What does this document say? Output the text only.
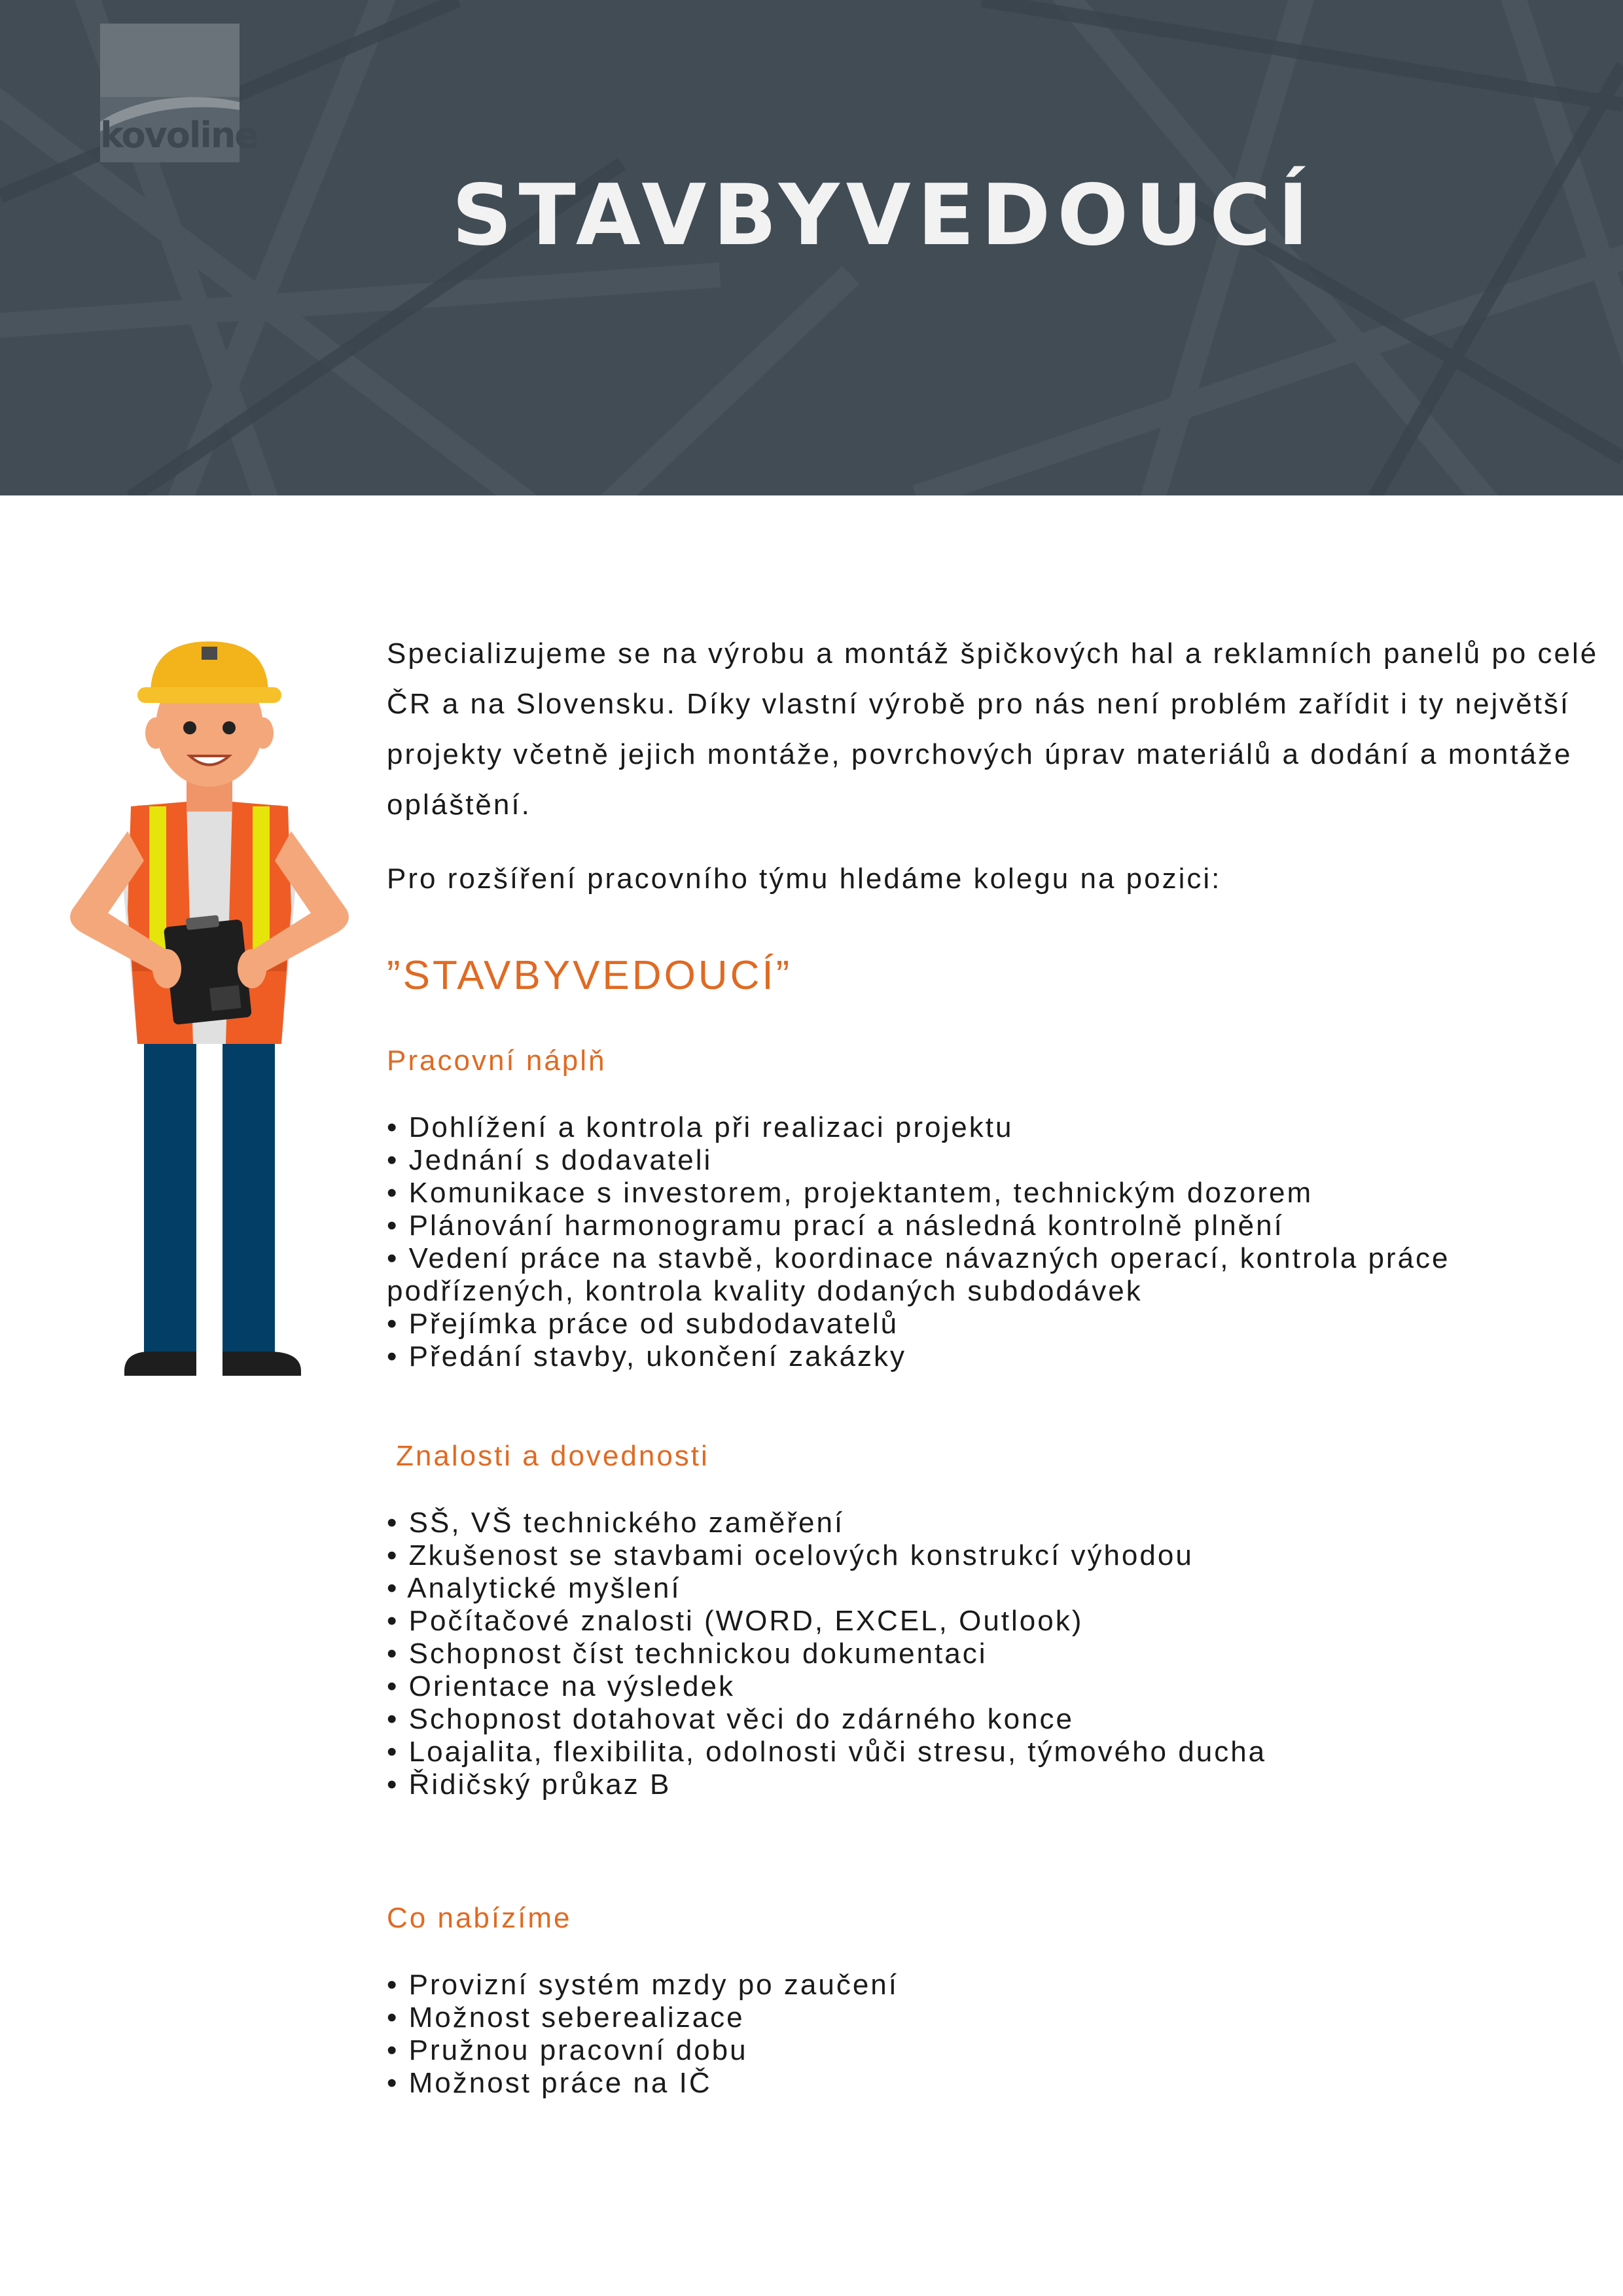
kovoline
STAVBYVEDOUCÍ

Specializujeme se na výrobu a montáž špičkových hal a reklamních panelů po celé ČR a na Slovensku. Díky vlastní výrobě pro nás není problém zařídit i ty největší projekty včetně jejich montáže, povrchových úprav materiálů a dodání a montáže opláštění.

Pro rozšíření pracovního týmu hledáme kolegu na pozici:

”STAVBYVEDOUCÍ”
Pracovní náplň
• Dohlížení a kontrola při realizaci projektu
• Jednání s dodavateli
• Komunikace s investorem, projektantem, technickým dozorem
• Plánování harmonogramu prací a následná kontrolně plnění
• Vedení práce na stavbě, koordinace návazných operací, kontrola práce podřízených, kontrola kvality dodaných subdodávek
• Přejímka práce od subdodavatelů
• Předání stavby, ukončení zakázky
Znalosti a dovednosti
• SŠ, VŠ technického zaměření
• Zkušenost se stavbami ocelových konstrukcí výhodou
• Analytické myšlení
• Počítačové znalosti (WORD, EXCEL, Outlook)
• Schopnost číst technickou dokumentaci
• Orientace na výsledek
• Schopnost dotahovat věci do zdárného konce
• Loajalita, flexibilita, odolnosti vůči stresu, týmového ducha
• Řidičský průkaz B
Co nabízíme
• Provizní systém mzdy po zaučení
• Možnost seberealizace
• Pružnou pracovní dobu
• Možnost práce na IČ
